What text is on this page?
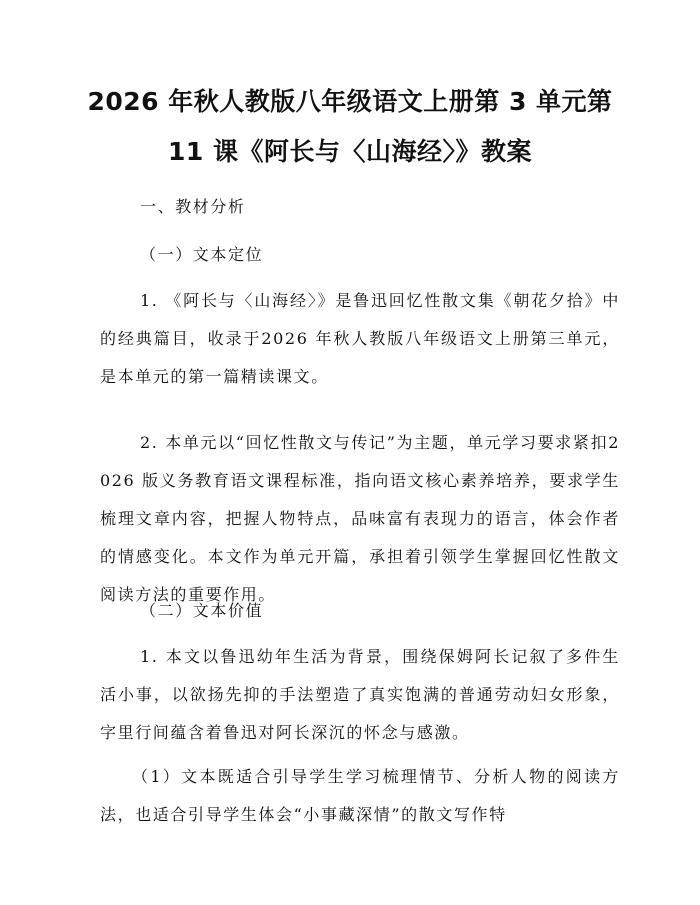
2026 年秋人教版八年级语文上册第 3 单元第
11 课《阿长与〈山海经〉》教案
一、教材分析
（一）文本定位
1. 《阿长与〈山海经〉》是鲁迅回忆性散文集《朝花夕拾》中的经典篇目，收录于2026 年秋人教版八年级语文上册第三单元，是本单元的第一篇精读课文。
2. 本单元以“回忆性散文与传记”为主题，单元学习要求紧扣2026 版义务教育语文课程标准，指向语文核心素养培养，要求学生梳理文章内容，把握人物特点，品味富有表现力的语言，体会作者的情感变化。本文作为单元开篇，承担着引领学生掌握回忆性散文阅读方法的重要作用。
（二）文本价值
1. 本文以鲁迅幼年生活为背景，围绕保姆阿长记叙了多件生活小事，以欲扬先抑的手法塑造了真实饱满的普通劳动妇女形象，字里行间蕴含着鲁迅对阿长深沉的怀念与感激。
（1）文本既适合引导学生学习梳理情节、分析人物的阅读方法，也适合引导学生体会“小事藏深情”的散文写作特
